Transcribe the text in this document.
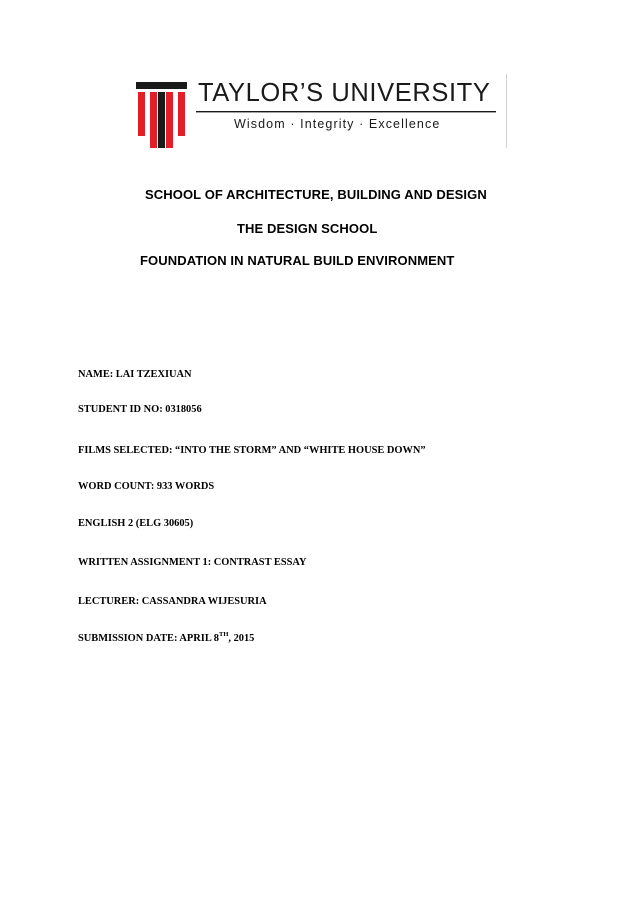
TAYLOR’S UNIVERSITY
Wisdom · Integrity · Excellence
SCHOOL OF ARCHITECTURE, BUILDING AND DESIGN
THE DESIGN SCHOOL
FOUNDATION IN NATURAL BUILD ENVIRONMENT
NAME: LAI TZEXIUAN
STUDENT ID NO: 0318056
FILMS SELECTED: “INTO THE STORM” AND “WHITE HOUSE DOWN”
WORD COUNT: 933 WORDS
ENGLISH 2 (ELG 30605)
WRITTEN ASSIGNMENT 1: CONTRAST ESSAY
LECTURER: CASSANDRA WIJESURIA
SUBMISSION DATE: APRIL 8TH, 2015
